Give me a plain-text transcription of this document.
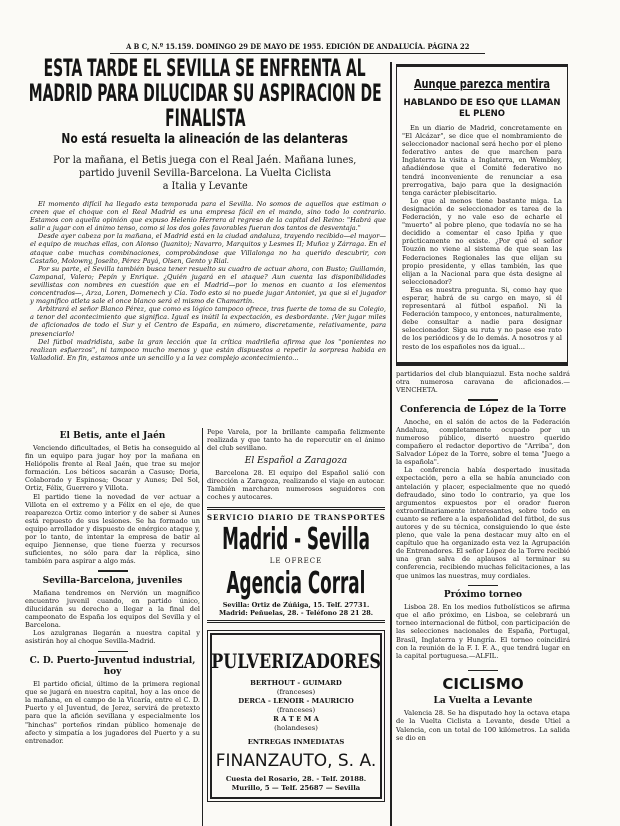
A B C, N.º 15.159. DOMINGO 29 DE MAYO DE 1955. EDICIÓN DE ANDALUCÍA. PÁGINA 22
ESTA TARDE EL SEVILLA SE ENFRENTA AL
MADRID PARA DILUCIDAR SU ASPIRACION DE
FINALISTA
No está resuelta la alineación de las delanteras
Por la mañana, el Betis juega con el Real Jaén. Mañana lunes,
partido juvenil Sevilla-Barcelona. La Vuelta Ciclista
a Italia y Levante
Aunque parezca mentira
HABLANDO DE ESO QUE LLAMAN EL PLENO

En un diario de Madrid, concretamente en "El Alcázar", se dice que el nombramiento de seleccionador nacional será hecho por el pleno federativo antes de que marchen para Inglaterra la visita a Inglaterra, en Wembley, añadiéndose que el Comité federativo no tendrá inconveniente de renunciar a esa prerrogativa, bajo para que la designación tenga carácter plebiscitario.

Lo que al menos tiene bastante miga. La designación de seleccionador es tarea de la Federación, y no vale eso de echarle el "muerto" al pobre pleno, que todavía no se ha decidido a comentar el caso Ipiña y que prácticamente no existe. ¿Por qué el señor Touzón no viene al sistema de que sean las Federaciones Regionales las que elijan su propio presidente, y ellas también, las que elijan a la Nacional para que ésta designe al seleccionador?

Esa es nuestra pregunta. Si, como hay que esperar, habrá de su cargo en mayo, si él representará al fútbol español. Ni la Federación tampoco, y entonces, naturalmente, debe consultar a nadie para designar seleccionador. Siga su ruta y no pase ese rato de los periódicos y de lo demás. A nosotros y al resto de los españoles nos da igual...

El momento difícil ha llegado esta temporada para el Sevilla. No somos de aquellos que estiman o creen que el choque con el Real Madrid es una empresa fácil en el mando, sino todo lo contrario. Estamos con aquella opinión que expuso Helenio Herrera al regreso de la capital del Reino: "Habrá que salir a jugar con el ánimo tenso, como si los dos goles favorables fueran dos tantos de desventaja."

Desde ayer cabeza por la mañana, el Madrid está en la ciudad andaluza, trayendo recibido—el mayor—el equipo de muchas ellas, con Alonso (Juanito); Navarro, Marquitos y Lesmes II; Muñoz y Zárraga. En el ataque cabe muchas combinaciones, comprobándose que Villalonga no ha querido descubrir, con Castaño, Molowny, Joseíto, Pérez Payá, Olsen, Gento y Rial.

Por su parte, el Sevilla también busca tener resuelto su cuadro de actuar ahora, con Busto; Guillamón, Campanal, Valero; Pepín y Enrique. ¿Quién jugará en el ataque? Aun cuenta las disponibilidades sevillistas con nombres en cuestión que en el Madrid—por lo menos en cuanto a los elementos concentrados—, Arza, Loren, Domenech y Cía. Todo esto si no puede jugar Antoniet, ya que si el jugador y magnífico atleta sale el once blanco será el mismo de Chamartín.

Arbitrará el señor Blanco Pérez, que como es lógico tampoco ofrece, tras fuerte de toma de su Colegio, a tenor del acontecimiento que significa. Igual es inútil la expectación, es desbordante. ¡Ver jugar miles de aficionados de todo el Sur y el Centro de España, en número, discretamente, relativamente, para presenciarlo!

Del fútbol madridista, sabe la gran lección que la crítica madrileña afirma que los "ponientes no realizan esfuerzos", ni tampoco mucho menos y que están dispuestos a repetir la sorpresa habida en Valladolid. En fin, estamos ante un sencillo y a la vez complejo acontecimiento...

El Betis, ante el Jaén

Venciendo dificultades, el Betis ha conseguido al fin un equipo para jugar hoy por la mañana en Heliópolis frente al Real Jaén, que trae su mejor formación. Los béticos sacarán a Casuso; Doria, Colaborado y Espinosa; Oscar y Aunes; Del Sol, Ortiz, Félix, Guerrero y Villota.

El partido tiene la novedad de ver actuar a Villota en el extremo y a Félix en el eje, de que reaparezca Ortiz como interior y de saber si Aunes está repuesto de sus lesiones. Se ha formado un equipo arrollador y dispuesto de enérgico ataque y, por lo tanto, de intentar la empresa de batir al equipo Jiennense, que tiene fuerza y recursos suficientes, no sólo para dar la réplica, sino también para aspirar a algo más.

Sevilla-Barcelona, juveniles

Mañana tendremos en Nervión un magnífico encuentro juvenil cuando, en partido único, dilucidarán su derecho a llegar a la final del campeonato de España los equipos del Sevilla y el Barcelona.

Los azulgranas llegarán a nuestra capital y asistirán hoy al choque Sevilla-Madrid.

C. D. Puerto-Juventud industrial, hoy

El partido oficial, último de la primera regional que se jugará en nuestra capital, hoy a las once de la mañana, en el campo de la Vicaría, entre el C. D. Puerto y el Juventud, de Jerez, servirá de pretexto para que la afición sevillana y especialmente los "hinchas" porteños rindan público homenaje de afecto y simpatía a los jugadores del Puerto y a su entrenador.

Pepe Varela, por la brillante campaña felizmente realizada y que tanto ha de repercutir en el ánimo del club sevillano.

El Español a Zaragoza

Barcelona 28. El equipo del Español salió con dirección a Zaragoza, realizando el viaje en autocar. También marcharon numerosos seguidores con coches y autocares.

SERVICIO DIARIO DE TRANSPORTES
Madrid - Sevilla
LE OFRECE
Agencia Corral
Sevilla: Ortiz de Zúñiga, 15. Telf. 27731.
Madrid: Peñuelas, 28. - Teléfono 28 21 28.
PULVERIZADORES
BERTHOUT - GUIMARD
(franceses)
DERCA - LENOIR - MAURICIO
(franceses)
R A T E M A
(holandeses)
ENTREGAS INMEDIATAS
FINANZAUTO, S. A.
Cuesta del Rosario, 28. - Telf. 20188.
Murillo, 5 — Telf. 25687 — Sevilla

partidarios del club blanquiazul. Esta noche saldrá otra numerosa caravana de aficionados.—VENCHETA.

Conferencia de López de la Torre

Anoche, en el salón de actos de la Federación Andaluza, completamente ocupado por un numeroso público, disertó nuestro querido compañero el redactor deportivo de "Arriba", don Salvador López de la Torre, sobre el tema "Juego a la española".

La conferencia había despertado inusitada expectación, pero a ella se había anunciado con antelación y placer, especialmente que no quedó defraudado, sino todo lo contrario, ya que los argumentos expuestos por el orador fueron extraordinariamente interesantes, sobre todo en cuanto se refiere a la españolidad del fútbol, de sus autores y de su técnica, consiguiendo lo que éste pleno, que vale la pena destacar muy alto en el capítulo que ha organizado esta vez la Agrupación de Entrenadores. El señor López de la Torre recibió una gran salva de aplausos al terminar su conferencia, recibiendo muchas felicitaciones, a las que unimos las nuestras, muy cordiales.

Próximo torneo

Lisboa 28. En los medios futbolísticos se afirma que el año próximo, en Lisboa, se celebrará un torneo internacional de fútbol, con participación de las selecciones nacionales de España, Portugal, Brasil, Inglaterra y Hungría. El torneo coincidirá con la reunión de la F. I. F. A., que tendrá lugar en la capital portuguesa.—ALFIL.

CICLISMO
La Vuelta a Levante

Valencia 28. Se ha disputado hoy la octava etapa de la Vuelta Ciclista a Levante, desde Utiel a Valencia, con un total de 100 kilómetros. La salida se dio en
